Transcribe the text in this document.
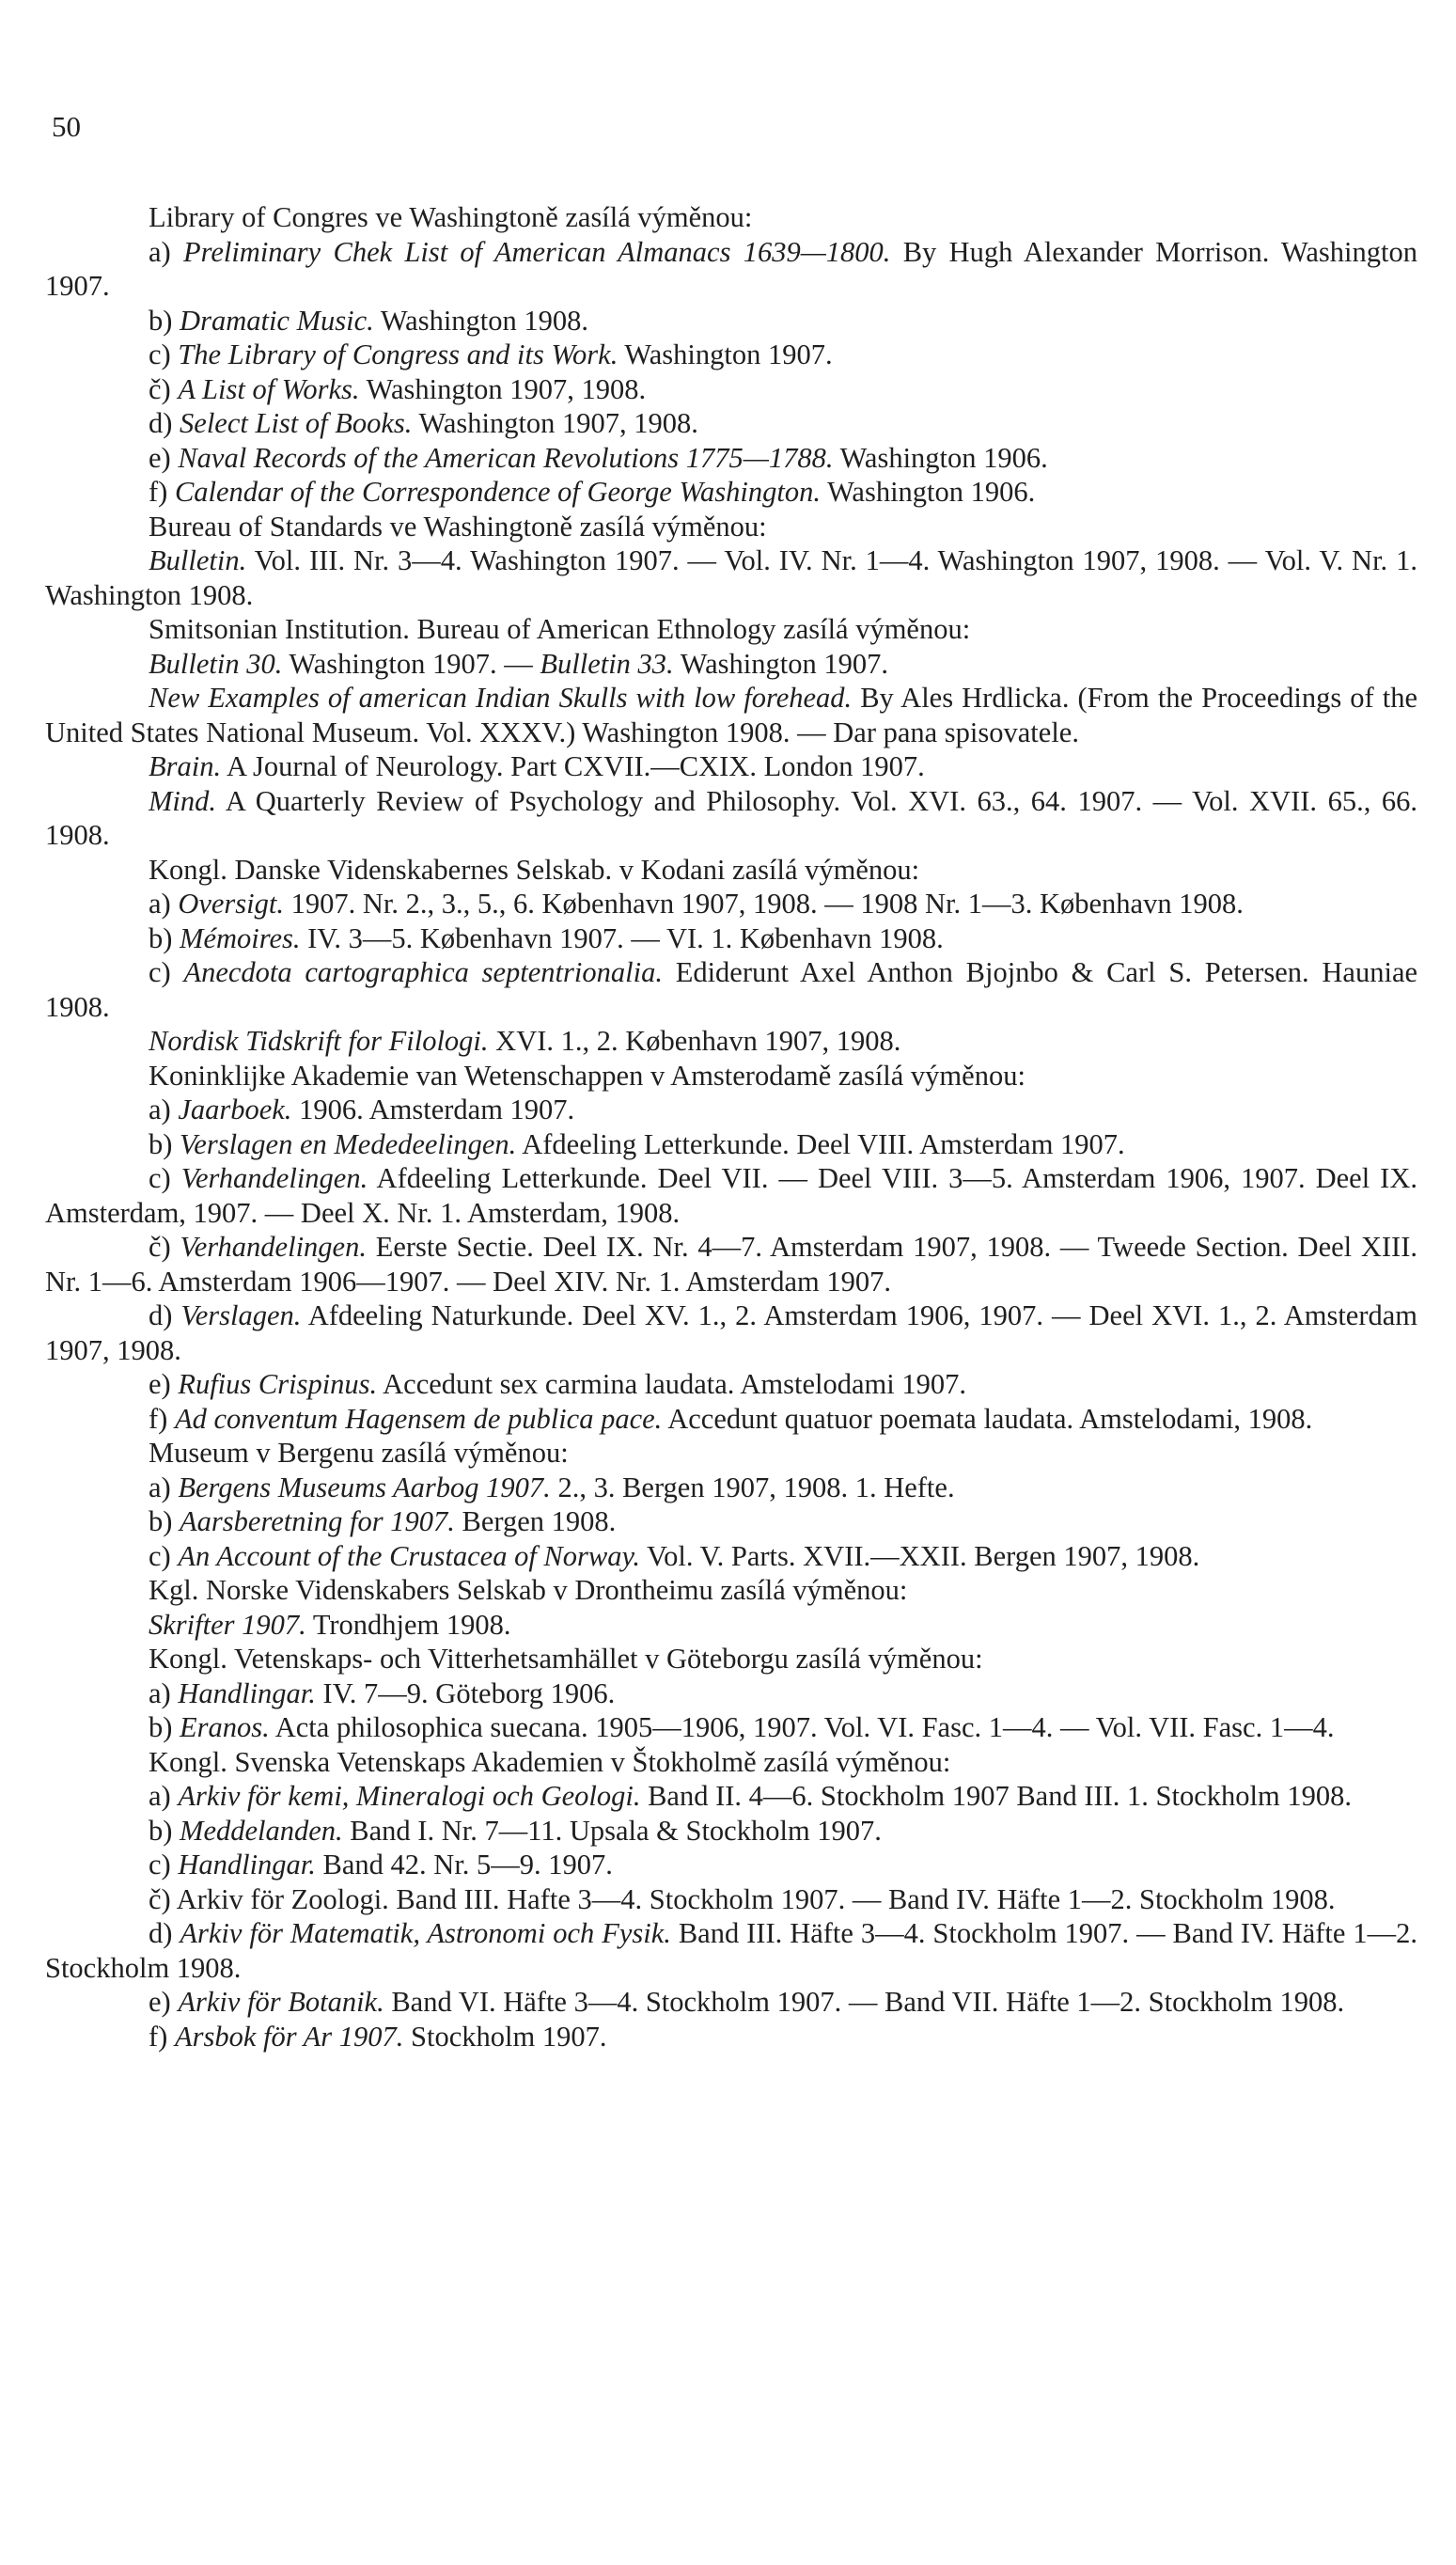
50

Library of Congres ve Washingtoně zasílá výměnou:

a) Preliminary Chek List of American Almanacs 1639—1800. By Hugh Alexander Morrison. Washington 1907.

b) Dramatic Music. Washington 1908.

c) The Library of Congress and its Work. Washington 1907.

č) A List of Works. Washington 1907, 1908.

d) Select List of Books. Washington 1907, 1908.

e) Naval Records of the American Revolutions 1775—1788. Washington 1906.

f) Calendar of the Correspondence of George Washington. Washington 1906.

Bureau of Standards ve Washingtoně zasílá výměnou:

Bulletin. Vol. III. Nr. 3—4. Washington 1907. — Vol. IV. Nr. 1—4. Washington 1907, 1908. — Vol. V. Nr. 1. Washington 1908.

Smitsonian Institution. Bureau of American Ethnology zasílá výměnou:

Bulletin 30. Washington 1907. — Bulletin 33. Washington 1907.

New Examples of american Indian Skulls with low forehead. By Ales Hrdlicka. (From the Proceedings of the United States National Museum. Vol. XXXV.) Washington 1908. — Dar pana spisovatele.

Brain. A Journal of Neurology. Part CXVII.—CXIX. London 1907.

Mind. A Quarterly Review of Psychology and Philosophy. Vol. XVI. 63., 64. 1907. — Vol. XVII. 65., 66. 1908.

Kongl. Danske Videnskabernes Selskab. v Kodani zasílá výměnou:

a) Oversigt. 1907. Nr. 2., 3., 5., 6. København 1907, 1908. — 1908 Nr. 1—3. København 1908.

b) Mémoires. IV. 3—5. København 1907. — VI. 1. København 1908.

c) Anecdota cartographica septentrionalia. Ediderunt Axel Anthon Bjojnbo & Carl S. Petersen. Hauniae 1908.

Nordisk Tidskrift for Filologi. XVI. 1., 2. København 1907, 1908.

Koninklijke Akademie van Wetenschappen v Amsterodamě zasílá výměnou:

a) Jaarboek. 1906. Amsterdam 1907.

b) Verslagen en Mededeelingen. Afdeeling Letterkunde. Deel VIII. Amsterdam 1907.

c) Verhandelingen. Afdeeling Letterkunde. Deel VII. — Deel VIII. 3—5. Amsterdam 1906, 1907. Deel IX. Amsterdam, 1907. — Deel X. Nr. 1. Amsterdam, 1908.

č) Verhandelingen. Eerste Sectie. Deel IX. Nr. 4—7. Amsterdam 1907, 1908. — Tweede Section. Deel XIII. Nr. 1—6. Amsterdam 1906—1907. — Deel XIV. Nr. 1. Amsterdam 1907.

d) Verslagen. Afdeeling Naturkunde. Deel XV. 1., 2. Amsterdam 1906, 1907. — Deel XVI. 1., 2. Amsterdam 1907, 1908.

e) Rufius Crispinus. Accedunt sex carmina laudata. Amstelodami 1907.

f) Ad conventum Hagensem de publica pace. Accedunt quatuor poemata laudata. Amstelodami, 1908.

Museum v Bergenu zasílá výměnou:

a) Bergens Museums Aarbog 1907. 2., 3. Bergen 1907, 1908. 1. Hefte.

b) Aarsberetning for 1907. Bergen 1908.

c) An Account of the Crustacea of Norway. Vol. V. Parts. XVII.—XXII. Bergen 1907, 1908.

Kgl. Norske Videnskabers Selskab v Drontheimu zasílá výměnou:

Skrifter 1907. Trondhjem 1908.

Kongl. Vetenskaps- och Vitterhetsamhället v Göteborgu zasílá výměnou:

a) Handlingar. IV. 7—9. Göteborg 1906.

b) Eranos. Acta philosophica suecana. 1905—1906, 1907. Vol. VI. Fasc. 1—4. — Vol. VII. Fasc. 1—4.

Kongl. Svenska Vetenskaps Akademien v Štokholmě zasílá výměnou:

a) Arkiv för kemi, Mineralogi och Geologi. Band II. 4—6. Stockholm 1907 Band III. 1. Stockholm 1908.

b) Meddelanden. Band I. Nr. 7—11. Upsala & Stockholm 1907.

c) Handlingar. Band 42. Nr. 5—9. 1907.

č) Arkiv för Zoologi. Band III. Hafte 3—4. Stockholm 1907. — Band IV. Häfte 1—2. Stockholm 1908.

d) Arkiv för Matematik, Astronomi och Fysik. Band III. Häfte 3—4. Stockholm 1907. — Band IV. Häfte 1—2. Stockholm 1908.

e) Arkiv för Botanik. Band VI. Häfte 3—4. Stockholm 1907. — Band VII. Häfte 1—2. Stockholm 1908.

f) Arsbok för Ar 1907. Stockholm 1907.
